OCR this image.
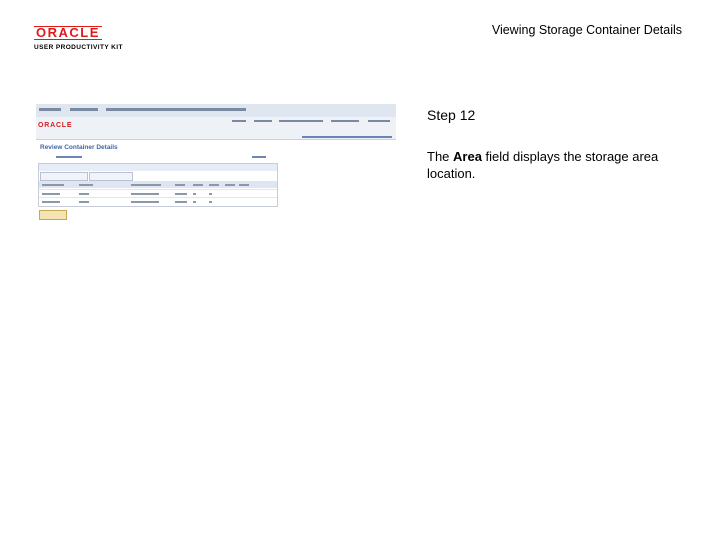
ORACLE
USER PRODUCTIVITY KIT
Viewing Storage Container Details
ORACLE
Review Container Details
Step 12
The Area field displays the storage area location.
